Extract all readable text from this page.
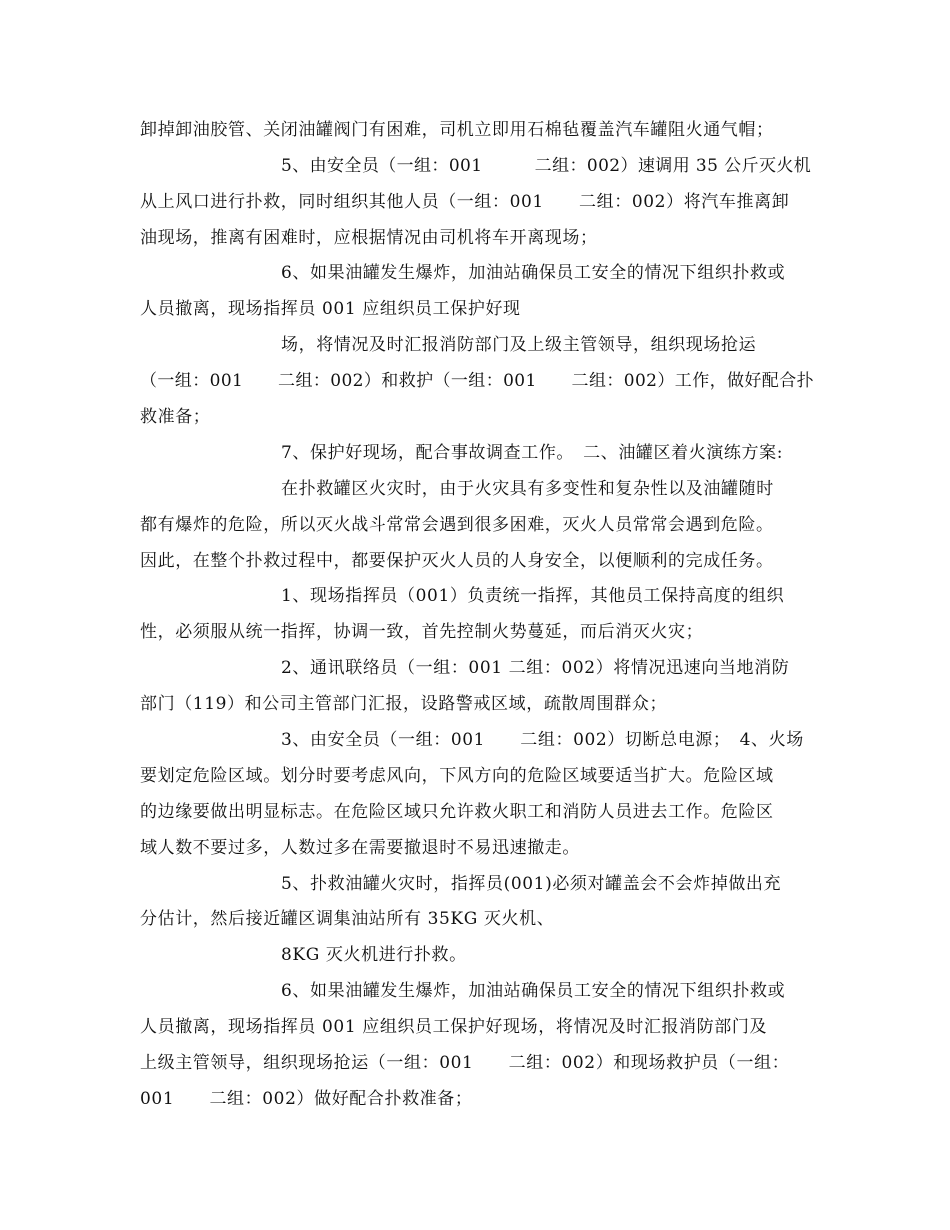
卸掉卸油胶管、关闭油罐阀门有困难，司机立即用石棉毡覆盖汽车罐阻火通气帽；
5、由安全员（一组：001　　　二组：002）速调用 35 公斤灭火机
从上风口进行扑救，同时组织其他人员（一组：001　　二组：002）将汽车推离卸
油现场，推离有困难时，应根据情况由司机将车开离现场；
6、如果油罐发生爆炸，加油站确保员工安全的情况下组织扑救或
人员撤离，现场指挥员 001 应组织员工保护好现
场，将情况及时汇报消防部门及上级主管领导，组织现场抢运
（一组：001　　二组：002）和救护（一组：001　　二组：002）工作，做好配合扑
救准备；
7、保护好现场，配合事故调查工作。　二、油罐区着火演练方案:
在扑救罐区火灾时，由于火灾具有多变性和复杂性以及油罐随时
都有爆炸的危险，所以灭火战斗常常会遇到很多困难，灭火人员常常会遇到危险。
因此，在整个扑救过程中，都要保护灭火人员的人身安全，以便顺利的完成任务。
1、现场指挥员（001）负责统一指挥，其他员工保持高度的组织
性，必须服从统一指挥，协调一致，首先控制火势蔓延，而后消灭火灾；
2、通讯联络员（一组：001 二组：002）将情况迅速向当地消防
部门（119）和公司主管部门汇报，设路警戒区域，疏散周围群众；
3、由安全员（一组：001　　二组：002）切断总电源；　4、火场
要划定危险区域。划分时要考虑风向，下风方向的危险区域要适当扩大。危险区域
的边缘要做出明显标志。在危险区域只允许救火职工和消防人员进去工作。危险区
域人数不要过多，人数过多在需要撤退时不易迅速撤走。
5、扑救油罐火灾时，指挥员(001)必须对罐盖会不会炸掉做出充
分估计，然后接近罐区调集油站所有 35KG 灭火机、
8KG 灭火机进行扑救。
6、如果油罐发生爆炸，加油站确保员工安全的情况下组织扑救或
人员撤离，现场指挥员 001 应组织员工保护好现场，将情况及时汇报消防部门及
上级主管领导，组织现场抢运（一组：001　　二组：002）和现场救护员（一组：
001　　二组：002）做好配合扑救准备；
